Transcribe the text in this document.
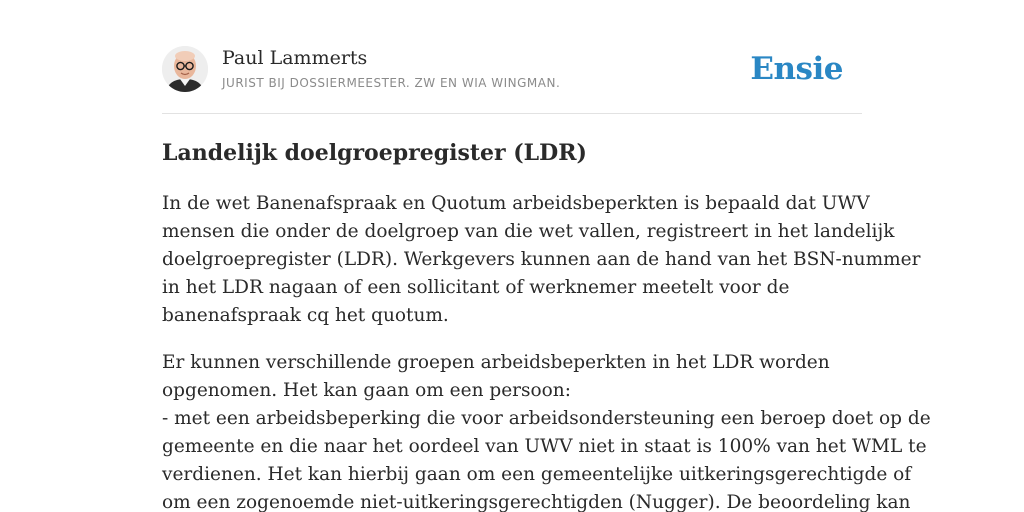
Paul Lammerts
JURIST BIJ DOSSIERMEESTER. ZW EN WIA WINGMAN.	Ensie
Landelijk doelgroepregister (LDR)

In de wet Banenafspraak en Quotum arbeidsbeperkten is bepaald dat UWV
mensen die onder de doelgroep van die wet vallen, registreert in het landelijk
doelgroepregister (LDR). Werkgevers kunnen aan de hand van het BSN-nummer
in het LDR nagaan of een sollicitant of werknemer meetelt voor de
banenafspraak cq het quotum.

Er kunnen verschillende groepen arbeidsbeperkten in het LDR worden
opgenomen. Het kan gaan om een persoon:
- met een arbeidsbeperking die voor arbeidsondersteuning een beroep doet op de
gemeente en die naar het oordeel van UWV niet in staat is 100% van het WML te
verdienen. Het kan hierbij gaan om een gemeentelijke uitkeringsgerechtigde of
om een zogenoemde niet-uitkeringsgerechtigden (Nugger). De beoordeling kan
